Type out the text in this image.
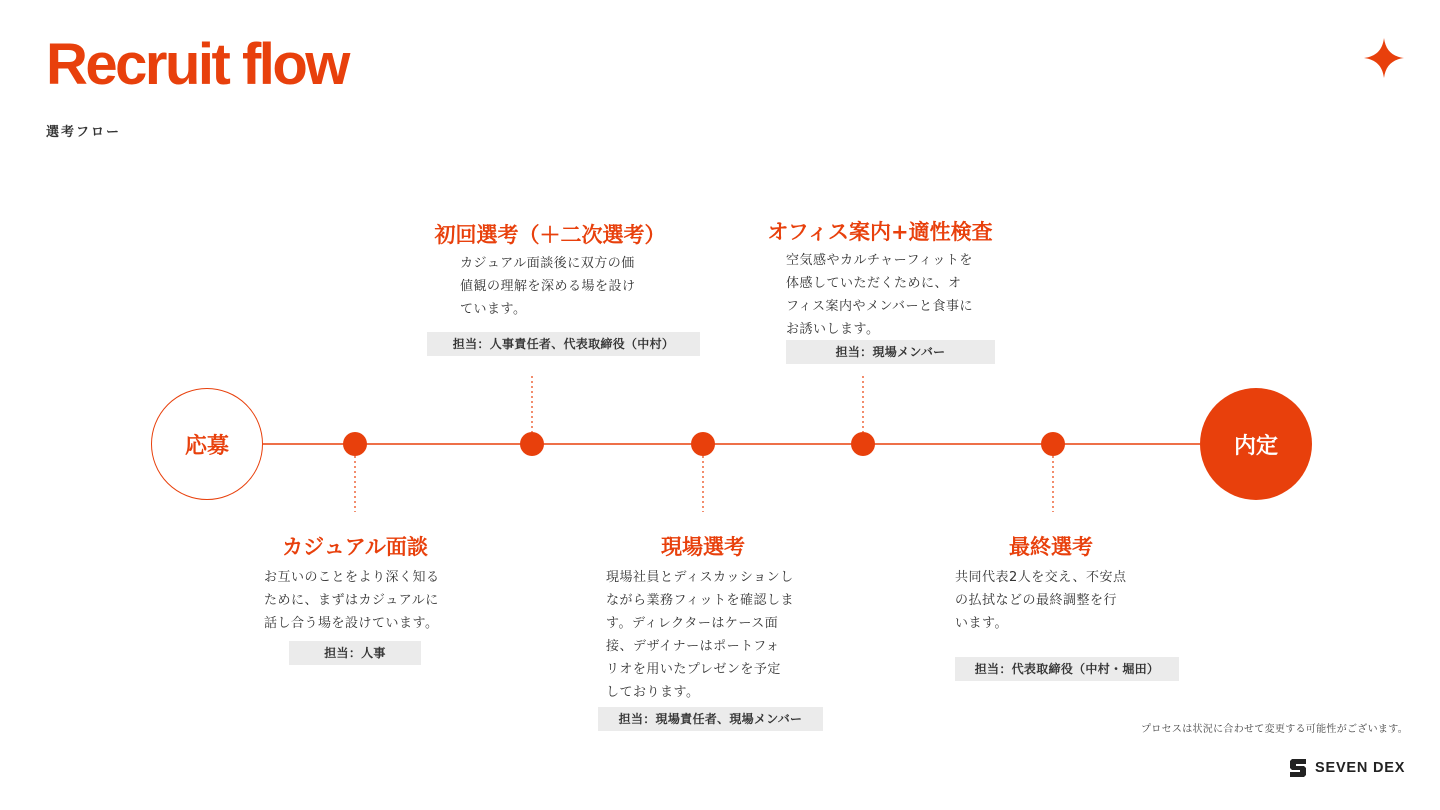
Recruit flow
選考フロー
応募	内定
カジュアル面談
お互いのことをより深く知る
ために、まずはカジュアルに
話し合う場を設けています。
担当：人事
初回選考（＋二次選考）
カジュアル面談後に双方の価
値観の理解を深める場を設け
ています。
担当：人事責任者、代表取締役（中村）
現場選考
現場社員とディスカッションし
ながら業務フィットを確認しま
す。ディレクターはケース面
接、デザイナーはポートフォ
リオを用いたプレゼンを予定
しております。
担当：現場責任者、現場メンバー
オフィス案内+適性検査
空気感やカルチャーフィットを
体感していただくために、オ
フィス案内やメンバーと食事に
お誘いします。
担当：現場メンバー
最終選考
共同代表2人を交え、不安点
の払拭などの最終調整を行
います。
担当：代表取締役（中村・堀田）
プロセスは状況に合わせて変更する可能性がございます。
SEVEN DEX
